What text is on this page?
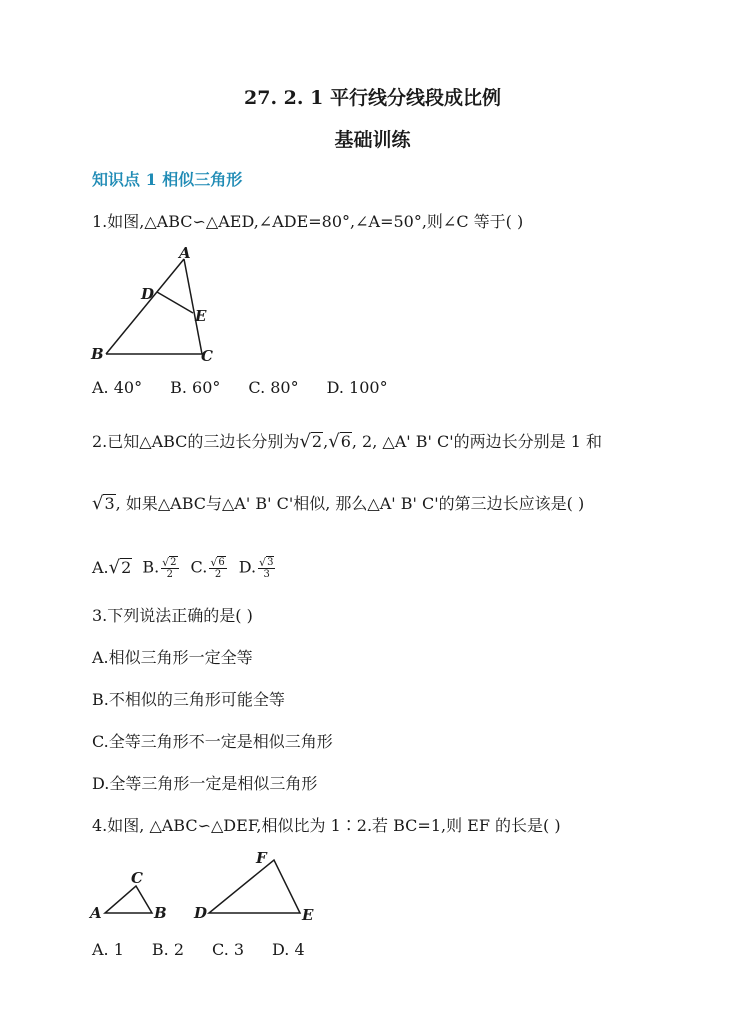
27. 2. 1 平行线分线段成比例
基础训练
知识点 1 相似三角形
1.如图,△ABC∽△AED,∠ADE=80°,∠A=50°,则∠C 等于( )
A
D
E
B	C
A. 40° B. 60° C. 80° D. 100°
2.已知△ABC的三边长分别为 √ 2 , √ 6 , 2, △A' B' C'的两边长分别是 1 和
√ 3 , 如果△ABC与△A' B' C'相似, 那么△A' B' C'的第三边长应该是( )
A. √ 2 B. $\frac{√ 2}{2} C$. $\frac{√ 6}{2} D$. $\frac{√ 3}{3}$
3.下列说法正确的是( )
A.相似三角形一定全等
B.不相似的三角形可能全等
C.全等三角形不一定是相似三角形
D.全等三角形一定是相似三角形
4.如图, △ABC∽△DEF,相似比为 1∶2.若 BC=1,则 EF 的长是( )
A	B
C
D	E
F
A. 1 B. 2 C. 3 D. 4
